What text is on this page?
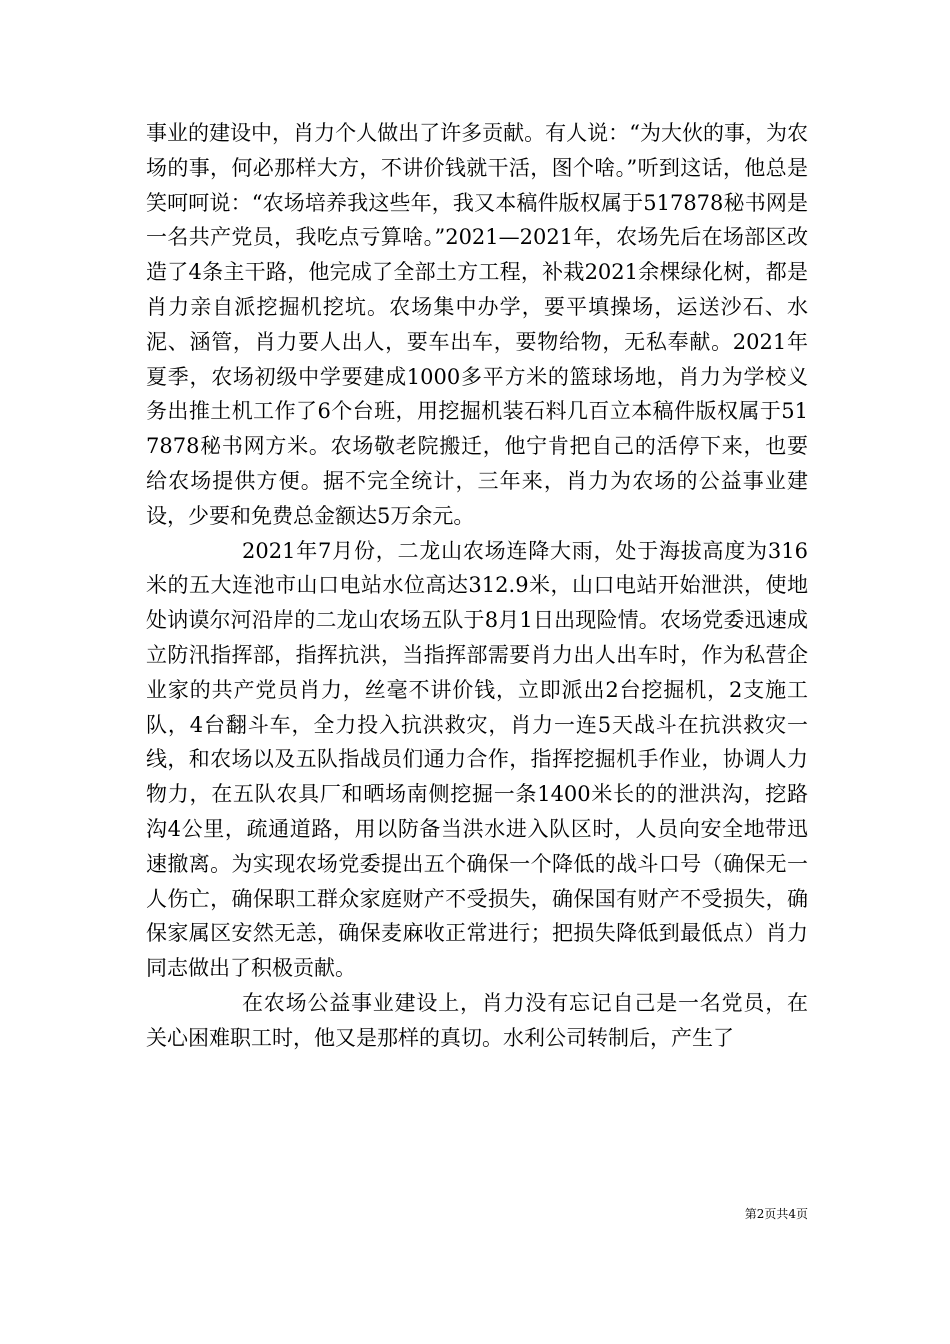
事业的建设中，肖力个人做出了许多贡献。有人说：“为大伙的事，为农场的事，何必那样大方，不讲价钱就干活，图个啥。”听到这话，他总是笑呵呵说：“农场培养我这些年，我又本稿件版权属于517878秘书网是一名共产党员，我吃点亏算啥。”2021—2021年，农场先后在场部区改造了4条主干路，他完成了全部土方工程，补栽2021余棵绿化树，都是肖力亲自派挖掘机挖坑。农场集中办学，要平填操场，运送沙石、水泥、涵管，肖力要人出人，要车出车，要物给物，无私奉献。2021年夏季，农场初级中学要建成1000多平方米的篮球场地，肖力为学校义务出推土机工作了6个台班，用挖掘机装石料几百立本稿件版权属于517878秘书网方米。农场敬老院搬迁，他宁肯把自己的活停下来，也要给农场提供方便。据不完全统计，三年来，肖力为农场的公益事业建设，少要和免费总金额达5万余元。

2021年7月份，二龙山农场连降大雨，处于海拔高度为316米的五大连池市山口电站水位高达312.9米，山口电站开始泄洪，使地处讷谟尔河沿岸的二龙山农场五队于8月1日出现险情。农场党委迅速成立防汛指挥部，指挥抗洪，当指挥部需要肖力出人出车时，作为私营企业家的共产党员肖力，丝毫不讲价钱，立即派出2台挖掘机，2支施工队，4台翻斗车，全力投入抗洪救灾，肖力一连5天战斗在抗洪救灾一线，和农场以及五队指战员们通力合作，指挥挖掘机手作业，协调人力物力，在五队农具厂和晒场南侧挖掘一条1400米长的的泄洪沟，挖路沟4公里，疏通道路，用以防备当洪水进入队区时，人员向安全地带迅速撤离。为实现农场党委提出五个确保一个降低的战斗口号（确保无一人伤亡，确保职工群众家庭财产不受损失，确保国有财产不受损失，确保家属区安然无恙，确保麦麻收正常进行；把损失降低到最低点）肖力同志做出了积极贡献。

在农场公益事业建设上，肖力没有忘记自己是一名党员，在关心困难职工时，他又是那样的真切。水利公司转制后，产生了

第2页共4页
